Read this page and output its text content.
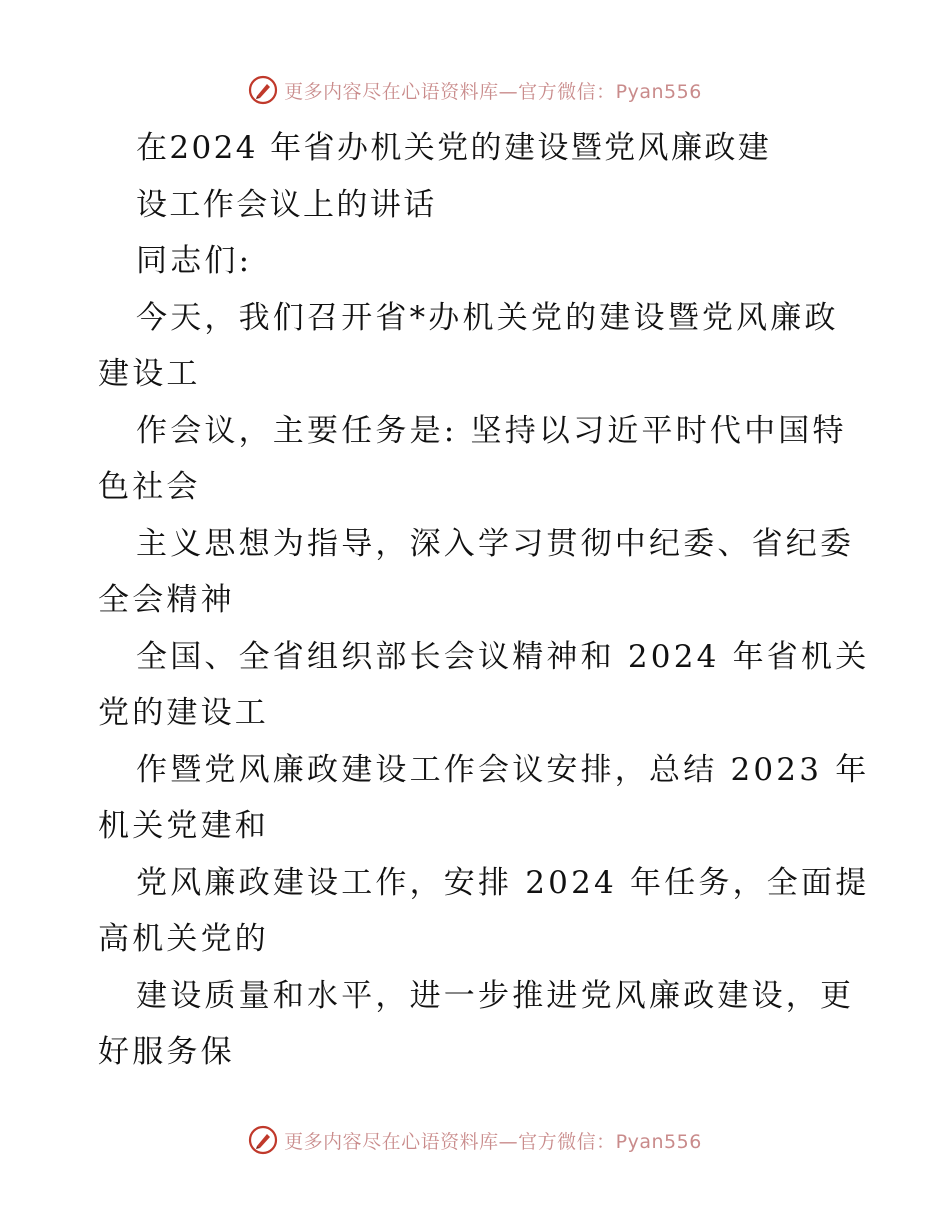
更多内容尽在心语资料库—官方微信：Pyan556
在2024 年省办机关党的建设暨党风廉政建
设工作会议上的讲话
同志们:
今天，我们召开省*办机关党的建设暨党风廉政
建设工
作会议，主要任务是: 坚持以习近平时代中国特
色社会
主义思想为指导，深入学习贯彻中纪委、省纪委
全会精神
全国、全省组织部长会议精神和 2024 年省机关
党的建设工
作暨党风廉政建设工作会议安排，总结 2023 年
机关党建和
党风廉政建设工作，安排 2024 年任务，全面提
高机关党的
建设质量和水平，进一步推进党风廉政建设，更
好服务保
更多内容尽在心语资料库—官方微信：Pyan556
